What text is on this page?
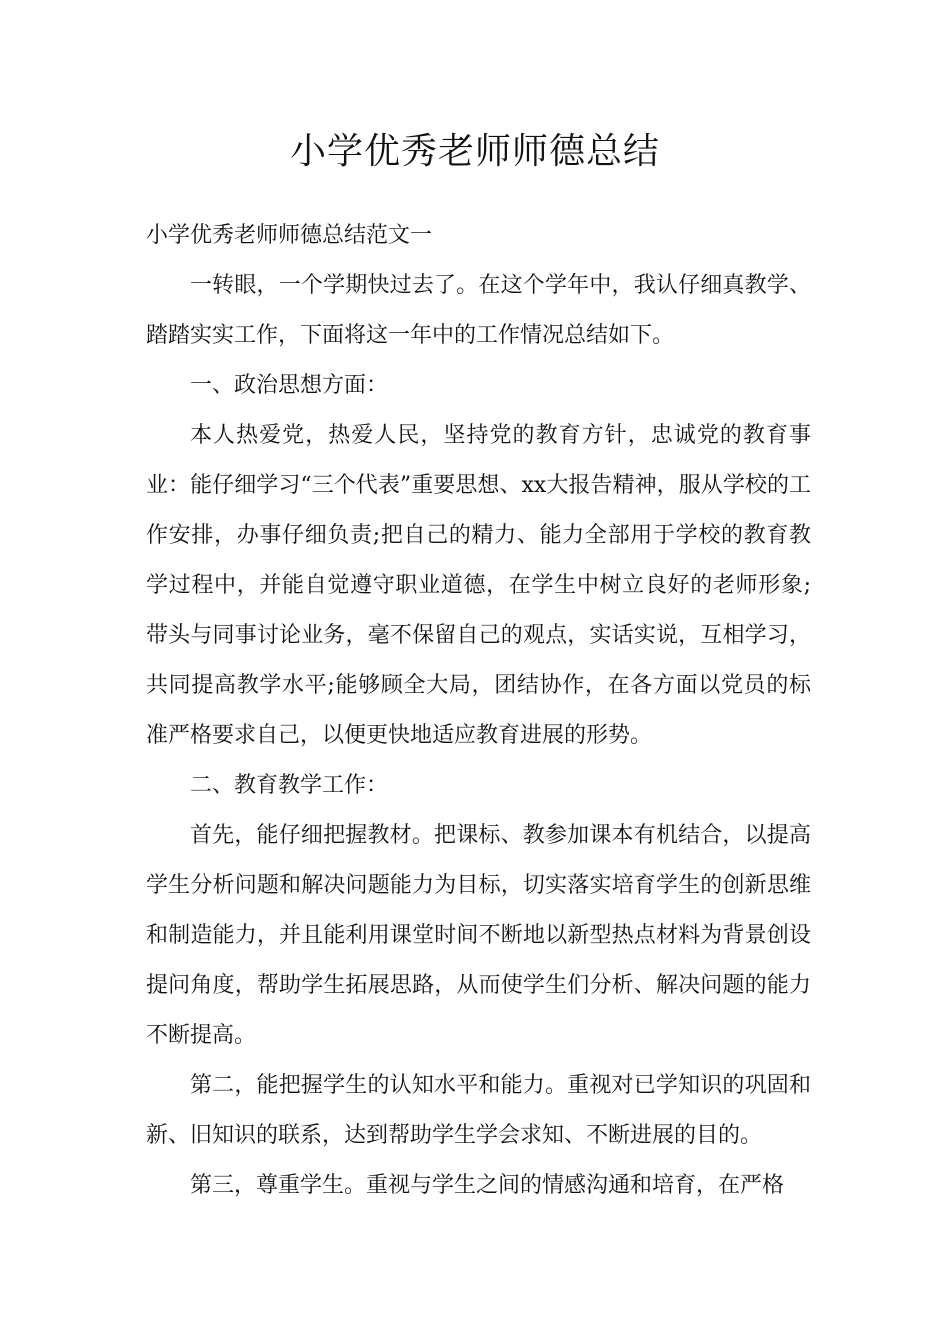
小学优秀老师师德总结

小学优秀老师师德总结范文一

一转眼，一个学期快过去了。在这个学年中，我认仔细真教学、踏踏实实工作，下面将这一年中的工作情况总结如下。

一、政治思想方面：

本人热爱党，热爱人民，坚持党的教育方针，忠诚党的教育事业：能仔细学习“三个代表”重要思想、xx大报告精神，服从学校的工作安排，办事仔细负责;把自己的精力、能力全部用于学校的教育教学过程中，并能自觉遵守职业道德，在学生中树立良好的老师形象;带头与同事讨论业务，毫不保留自己的观点，实话实说，互相学习，共同提高教学水平;能够顾全大局，团结协作，在各方面以党员的标准严格要求自己，以便更快地适应教育进展的形势。

二、教育教学工作：

首先，能仔细把握教材。把课标、教参加课本有机结合，以提高学生分析问题和解决问题能力为目标，切实落实培育学生的创新思维和制造能力，并且能利用课堂时间不断地以新型热点材料为背景创设提问角度，帮助学生拓展思路，从而使学生们分析、解决问题的能力不断提高。

第二，能把握学生的认知水平和能力。重视对已学知识的巩固和新、旧知识的联系，达到帮助学生学会求知、不断进展的目的。

第三，尊重学生。重视与学生之间的情感沟通和培育，在严格
